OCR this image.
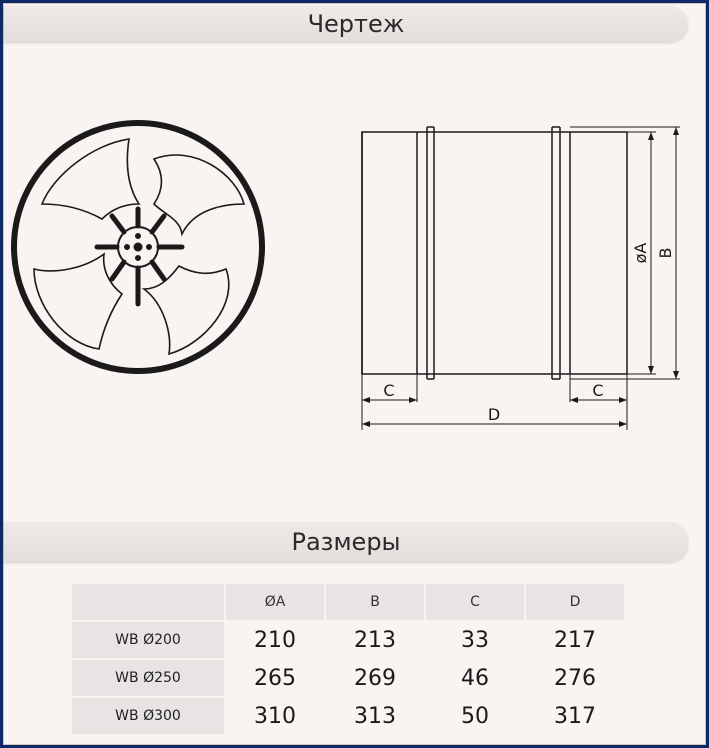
Чертеж
C	C
D
øA B
Размеры
	ØA	B	C	D
WB Ø200	210	213	33	217
WB Ø250	265	269	46	276
WB Ø300	310	313	50	317
